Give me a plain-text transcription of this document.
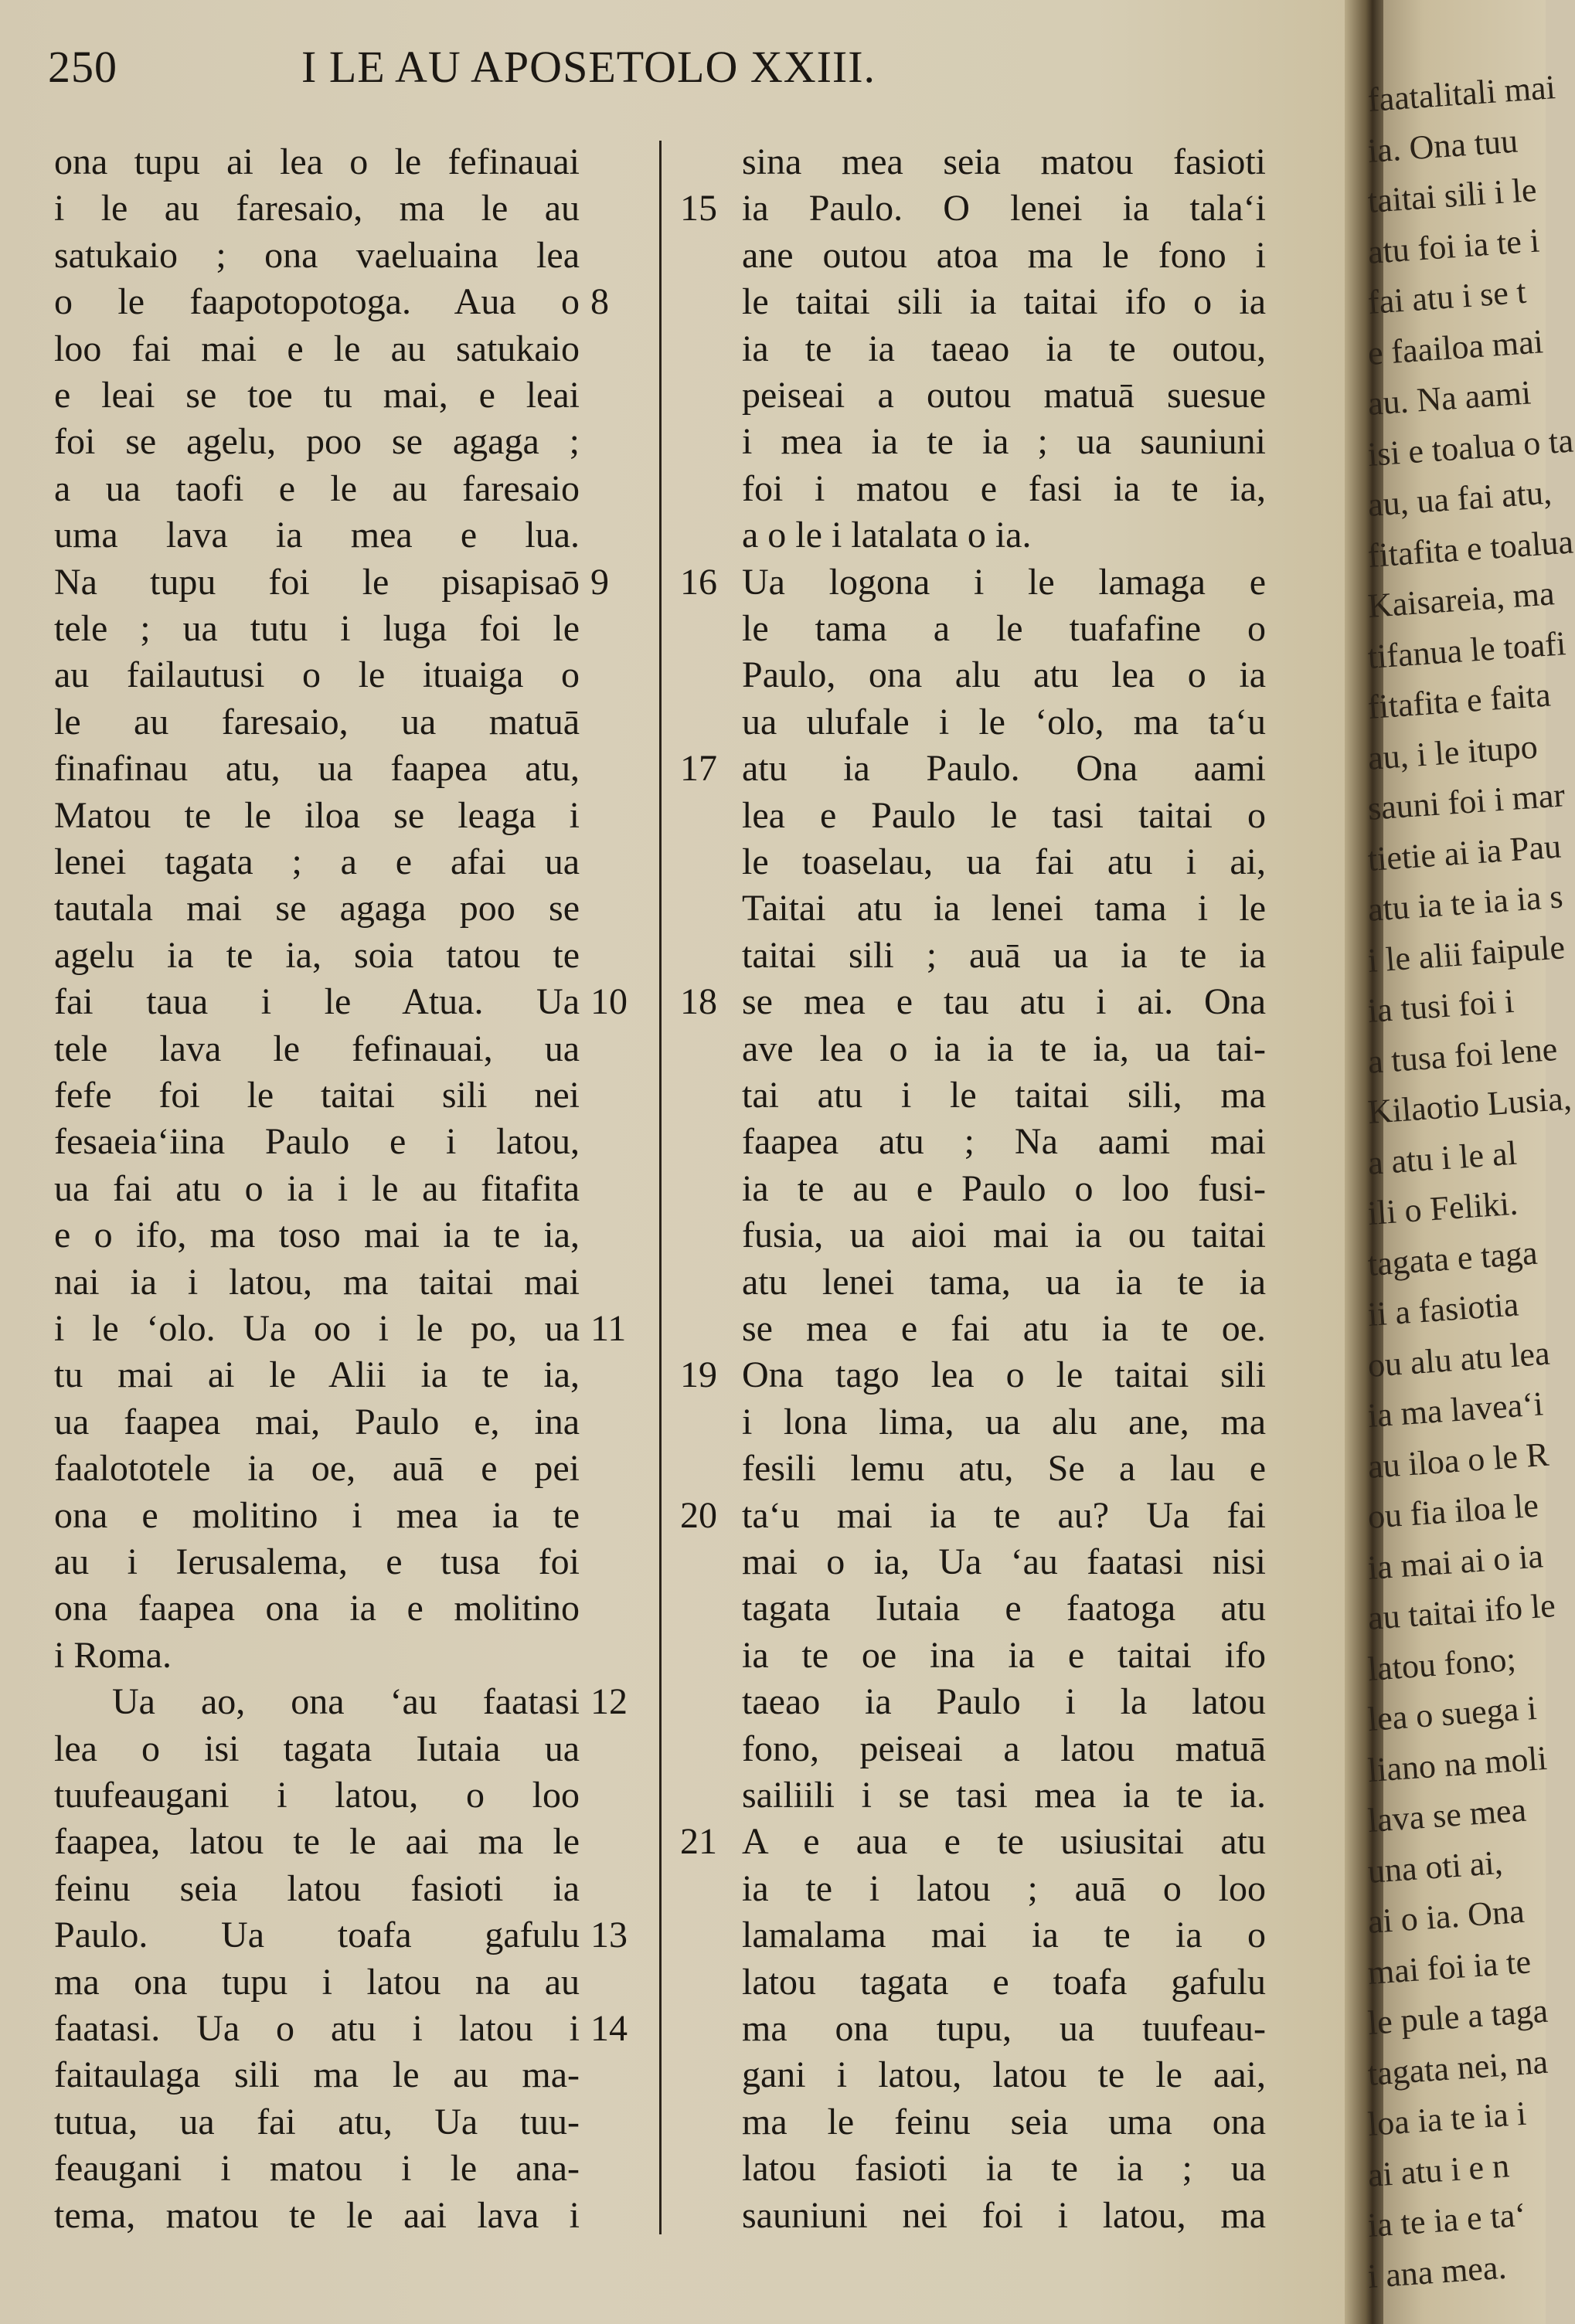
250	I LE AU APOSETOLO XXIII.
ona tupu ai lea o le fefinauai
i le au faresaio, ma le au
satukaio ; ona vaeluaina lea
o le faapotopotoga. Aua o 8
loo fai mai e le au satukaio
e leai se toe tu mai, e leai
foi se agelu, poo se agaga ;
a ua taofi e le au faresaio
uma lava ia mea e lua.
Na tupu foi le pisapisaō 9
tele ; ua tutu i luga foi le
au failautusi o le ituaiga o
le au faresaio, ua matuā
finafinau atu, ua faapea atu,
Matou te le iloa se leaga i
lenei tagata ; a e afai ua
tautala mai se agaga poo se
agelu ia te ia, soia tatou te
fai taua i le Atua. Ua 10
tele lava le fefinauai, ua
fefe foi le taitai sili nei
fesaeia‘iina Paulo e i latou,
ua fai atu o ia i le au fitafita
e o ifo, ma toso mai ia te ia,
nai ia i latou, ma taitai mai
i le ‘olo. Ua oo i le po, ua 11
tu mai ai le Alii ia te ia,
ua faapea mai, Paulo e, ina
faalototele ia oe, auā e pei
ona e molitino i mea ia te
au i Ierusalema, e tusa foi
ona faapea ona ia e molitino
i Roma.
Ua ao, ona ‘au faatasi 12
lea o isi tagata Iutaia ua
tuufeaugani i latou, o loo
faapea, latou te le aai ma le
feinu seia latou fasioti ia
Paulo. Ua toafa gafulu 13
ma ona tupu i latou na au
faatasi. Ua o atu i latou i 14
faitaulaga sili ma le au ma-
tutua, ua fai atu, Ua tuu-
feaugani i matou i le ana-
tema, matou te le aai lava i
sina mea seia matou fasioti
ia Paulo. O lenei ia tala‘i
15
ane outou atoa ma le fono i
le taitai sili ia taitai ifo o ia
ia te ia taeao ia te outou,
peiseai a outou matuā suesue
i mea ia te ia ; ua sauniuni
foi i matou e fasi ia te ia,
a o le i latalata o ia.
Ua logona i le lamaga e
16
le tama a le tuafafine o
Paulo, ona alu atu lea o ia
ua ulufale i le ‘olo, ma ta‘u
atu ia Paulo. Ona aami
17
lea e Paulo le tasi taitai o
le toaselau, ua fai atu i ai,
Taitai atu ia lenei tama i le
taitai sili ; auā ua ia te ia
se mea e tau atu i ai. Ona
18
ave lea o ia ia te ia, ua tai-
tai atu i le taitai sili, ma
faapea atu ; Na aami mai
ia te au e Paulo o loo fusi-
fusia, ua aioi mai ia ou taitai
atu lenei tama, ua ia te ia
se mea e fai atu ia te oe.
Ona tago lea o le taitai sili
19
i lona lima, ua alu ane, ma
fesili lemu atu, Se a lau e
ta‘u mai ia te au? Ua fai
20
mai o ia, Ua ‘au faatasi nisi
tagata Iutaia e faatoga atu
ia te oe ina ia e taitai ifo
taeao ia Paulo i la latou
fono, peiseai a latou matuā
sailiili i se tasi mea ia te ia.
A e aua e te usiusitai atu
21
ia te i latou ; auā o loo
lamalama mai ia te ia o
latou tagata e toafa gafulu
ma ona tupu, ua tuufeau-
gani i latou, latou te le aai,
ma le feinu seia uma ona
latou fasioti ia te ia ; ua
sauniuni nei foi i latou, ma
faatalitali mai
ia. Ona tuu
taitai sili i le
atu foi ia te i
fai atu i se t
e faailoa mai
au. Na aami
isi e toalua o ta
au, ua fai atu,
fitafita e toalua
Kaisareia, ma
tifanua le toafi
fitafita e faita
au, i le itupo
sauni foi i mar
tietie ai ia Pau
atu ia te ia ia s
i le alii faipule
ia tusi foi i
a tusa foi lene
Kilaotio Lusia,
a atu i le al
ili o Feliki.
tagata e taga
ii a fasiotia
ou alu atu lea
ia ma lavea‘i
au iloa o le R
ou fia iloa le
ia mai ai o ia
au taitai ifo le
latou fono;
lea o suega i
liano na moli
lava se mea
una oti ai,
ai o ia. Ona
mai foi ia te
le pule a taga
tagata nei, na
loa ia te ia i
ai atu i e n
ia te ia e ta‘
i ana mea.
